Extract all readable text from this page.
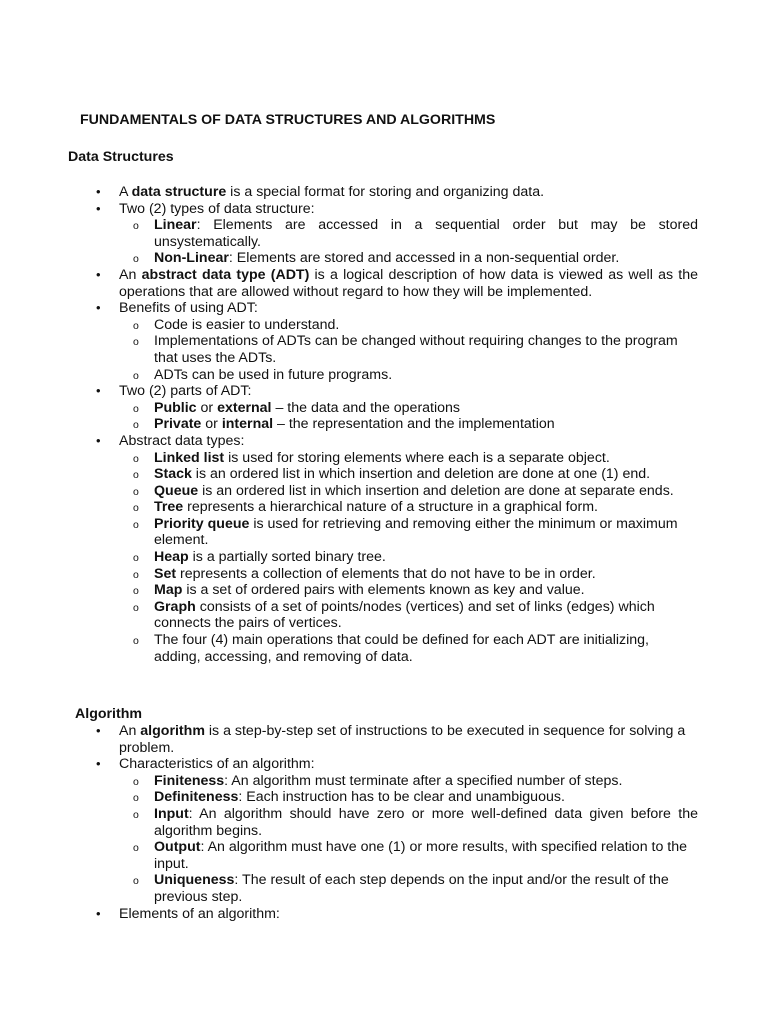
FUNDAMENTALS OF DATA STRUCTURES AND ALGORITHMS
Data Structures
• A data structure is a special format for storing and organizing data.
• Two (2) types of data structure:
o Linear: Elements are accessed in a sequential order but may be stored unsystematically.
o Non-Linear: Elements are stored and accessed in a non-sequential order.
• An abstract data type (ADT) is a logical description of how data is viewed as well as the operations that are allowed without regard to how they will be implemented.
• Benefits of using ADT:
o Code is easier to understand.
o Implementations of ADTs can be changed without requiring changes to the program that uses the ADTs.
o ADTs can be used in future programs.
• Two (2) parts of ADT:
o Public or external – the data and the operations
o Private or internal – the representation and the implementation
• Abstract data types:
o Linked list is used for storing elements where each is a separate object.
o Stack is an ordered list in which insertion and deletion are done at one (1) end.
o Queue is an ordered list in which insertion and deletion are done at separate ends.
o Tree represents a hierarchical nature of a structure in a graphical form.
o Priority queue is used for retrieving and removing either the minimum or maximum element.
o Heap is a partially sorted binary tree.
o Set represents a collection of elements that do not have to be in order.
o Map is a set of ordered pairs with elements known as key and value.
o Graph consists of a set of points/nodes (vertices) and set of links (edges) which connects the pairs of vertices.
o The four (4) main operations that could be defined for each ADT are initializing, adding, accessing, and removing of data.
Algorithm
• An algorithm is a step-by-step set of instructions to be executed in sequence for solving a problem.
• Characteristics of an algorithm:
o Finiteness: An algorithm must terminate after a specified number of steps.
o Definiteness: Each instruction has to be clear and unambiguous.
o Input: An algorithm should have zero or more well-defined data given before the algorithm begins.
o Output: An algorithm must have one (1) or more results, with specified relation to the input.
o Uniqueness: The result of each step depends on the input and/or the result of the previous step.
• Elements of an algorithm:
